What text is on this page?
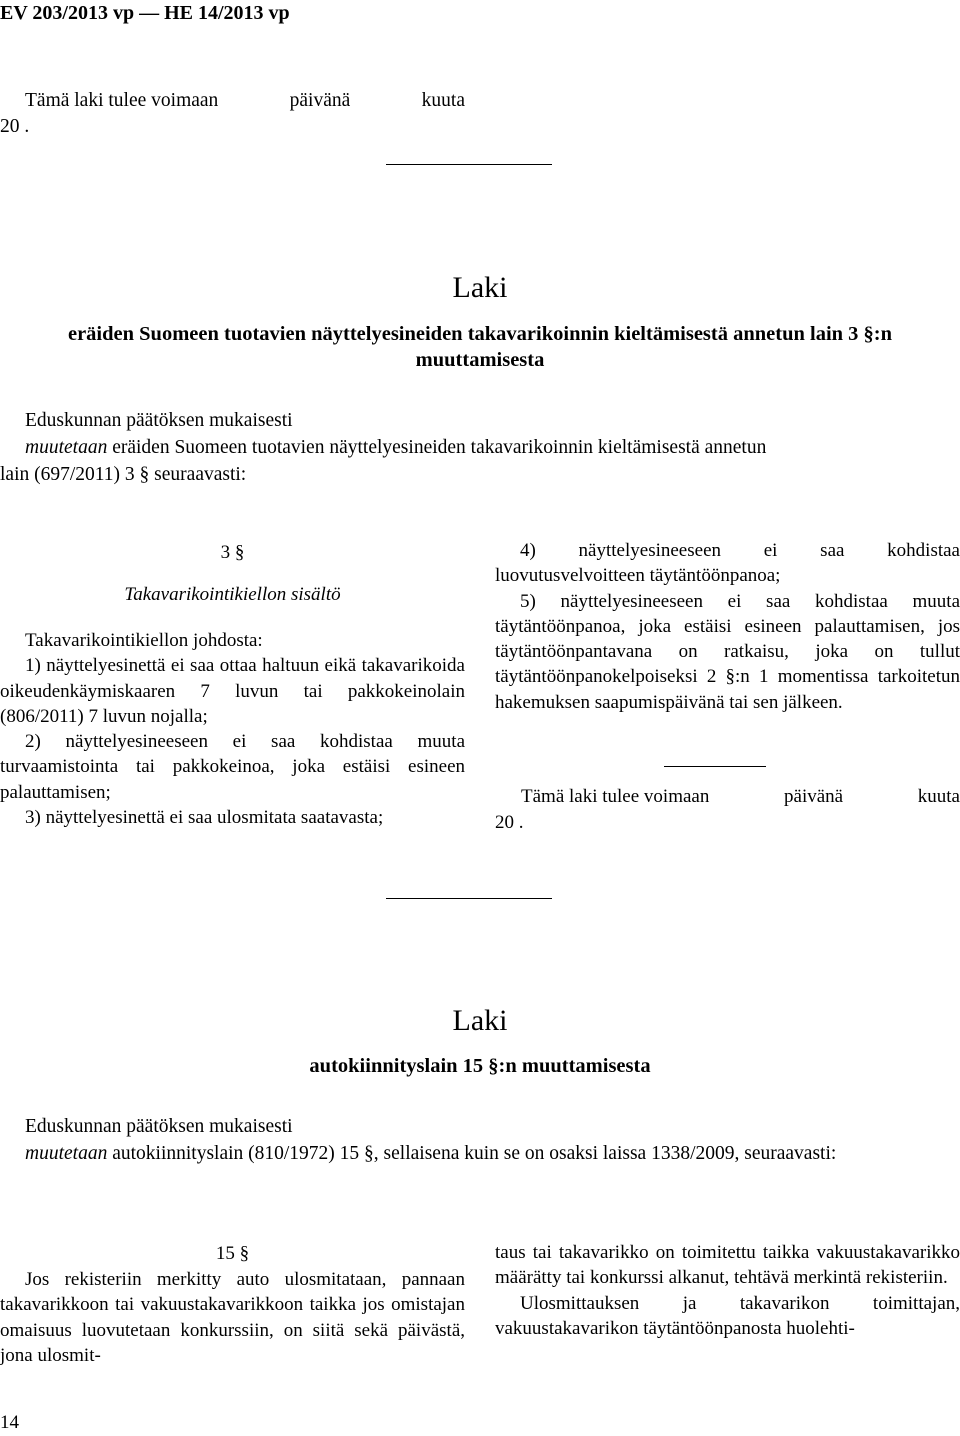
EV 203/2013 vp — HE 14/2013 vp
Tämä laki tulee voimaan	päivänä	kuuta
20 .
Laki
eräiden Suomeen tuotavien näyttelyesineiden takavarikoinnin kieltämisestä annetun lain 3 §:n
muuttamisesta
Eduskunnan päätöksen mukaisesti
muutetaan eräiden Suomeen tuotavien näyttelyesineiden takavarikoinnin kieltämisestä annetun
lain (697/2011) 3 § seuraavasti:
3 §
Takavarikointikiellon sisältö

Takavarikointikiellon johdosta:

1) näyttelyesinettä ei saa ottaa haltuun eikä takavarikoida oikeudenkäymiskaaren 7 luvun tai pakkokeinolain (806/2011) 7 luvun nojalla;

2) näyttelyesineeseen ei saa kohdistaa muuta turvaamistointa tai pakkokeinoa, joka estäisi esineen palauttamisen;

3) näyttelyesinettä ei saa ulosmitata saatavasta;

4) näyttelyesineeseen ei saa kohdistaa luovutusvelvoitteen täytäntöönpanoa;

5) näyttelyesineeseen ei saa kohdistaa muuta täytäntöönpanoa, joka estäisi esineen palauttamisen, jos täytäntöönpantavana on ratkaisu, joka on tullut täytäntöönpanokelpoiseksi 2 §:n 1 momentissa tarkoitetun hakemuksen saapumispäivänä tai sen jälkeen.

Tämä laki tulee voimaan	päivänä	kuuta
20 .
Laki
autokiinnityslain 15 §:n muuttamisesta
Eduskunnan päätöksen mukaisesti
muutetaan autokiinnityslain (810/1972) 15 §, sellaisena kuin se on osaksi laissa 1338/2009, seuraavasti:
15 §

Jos rekisteriin merkitty auto ulosmitataan, pannaan takavarikkoon tai vakuustakavarikkoon taikka jos omistajan omaisuus luovutetaan konkurssiin, on siitä sekä päivästä, jona ulosmit-

taus tai takavarikko on toimitettu taikka vakuustakavarikko määrätty tai konkurssi alkanut, tehtävä merkintä rekisteriin.

Ulosmittauksen ja takavarikon toimittajan, vakuustakavarikon täytäntöönpanosta huolehti-

14
